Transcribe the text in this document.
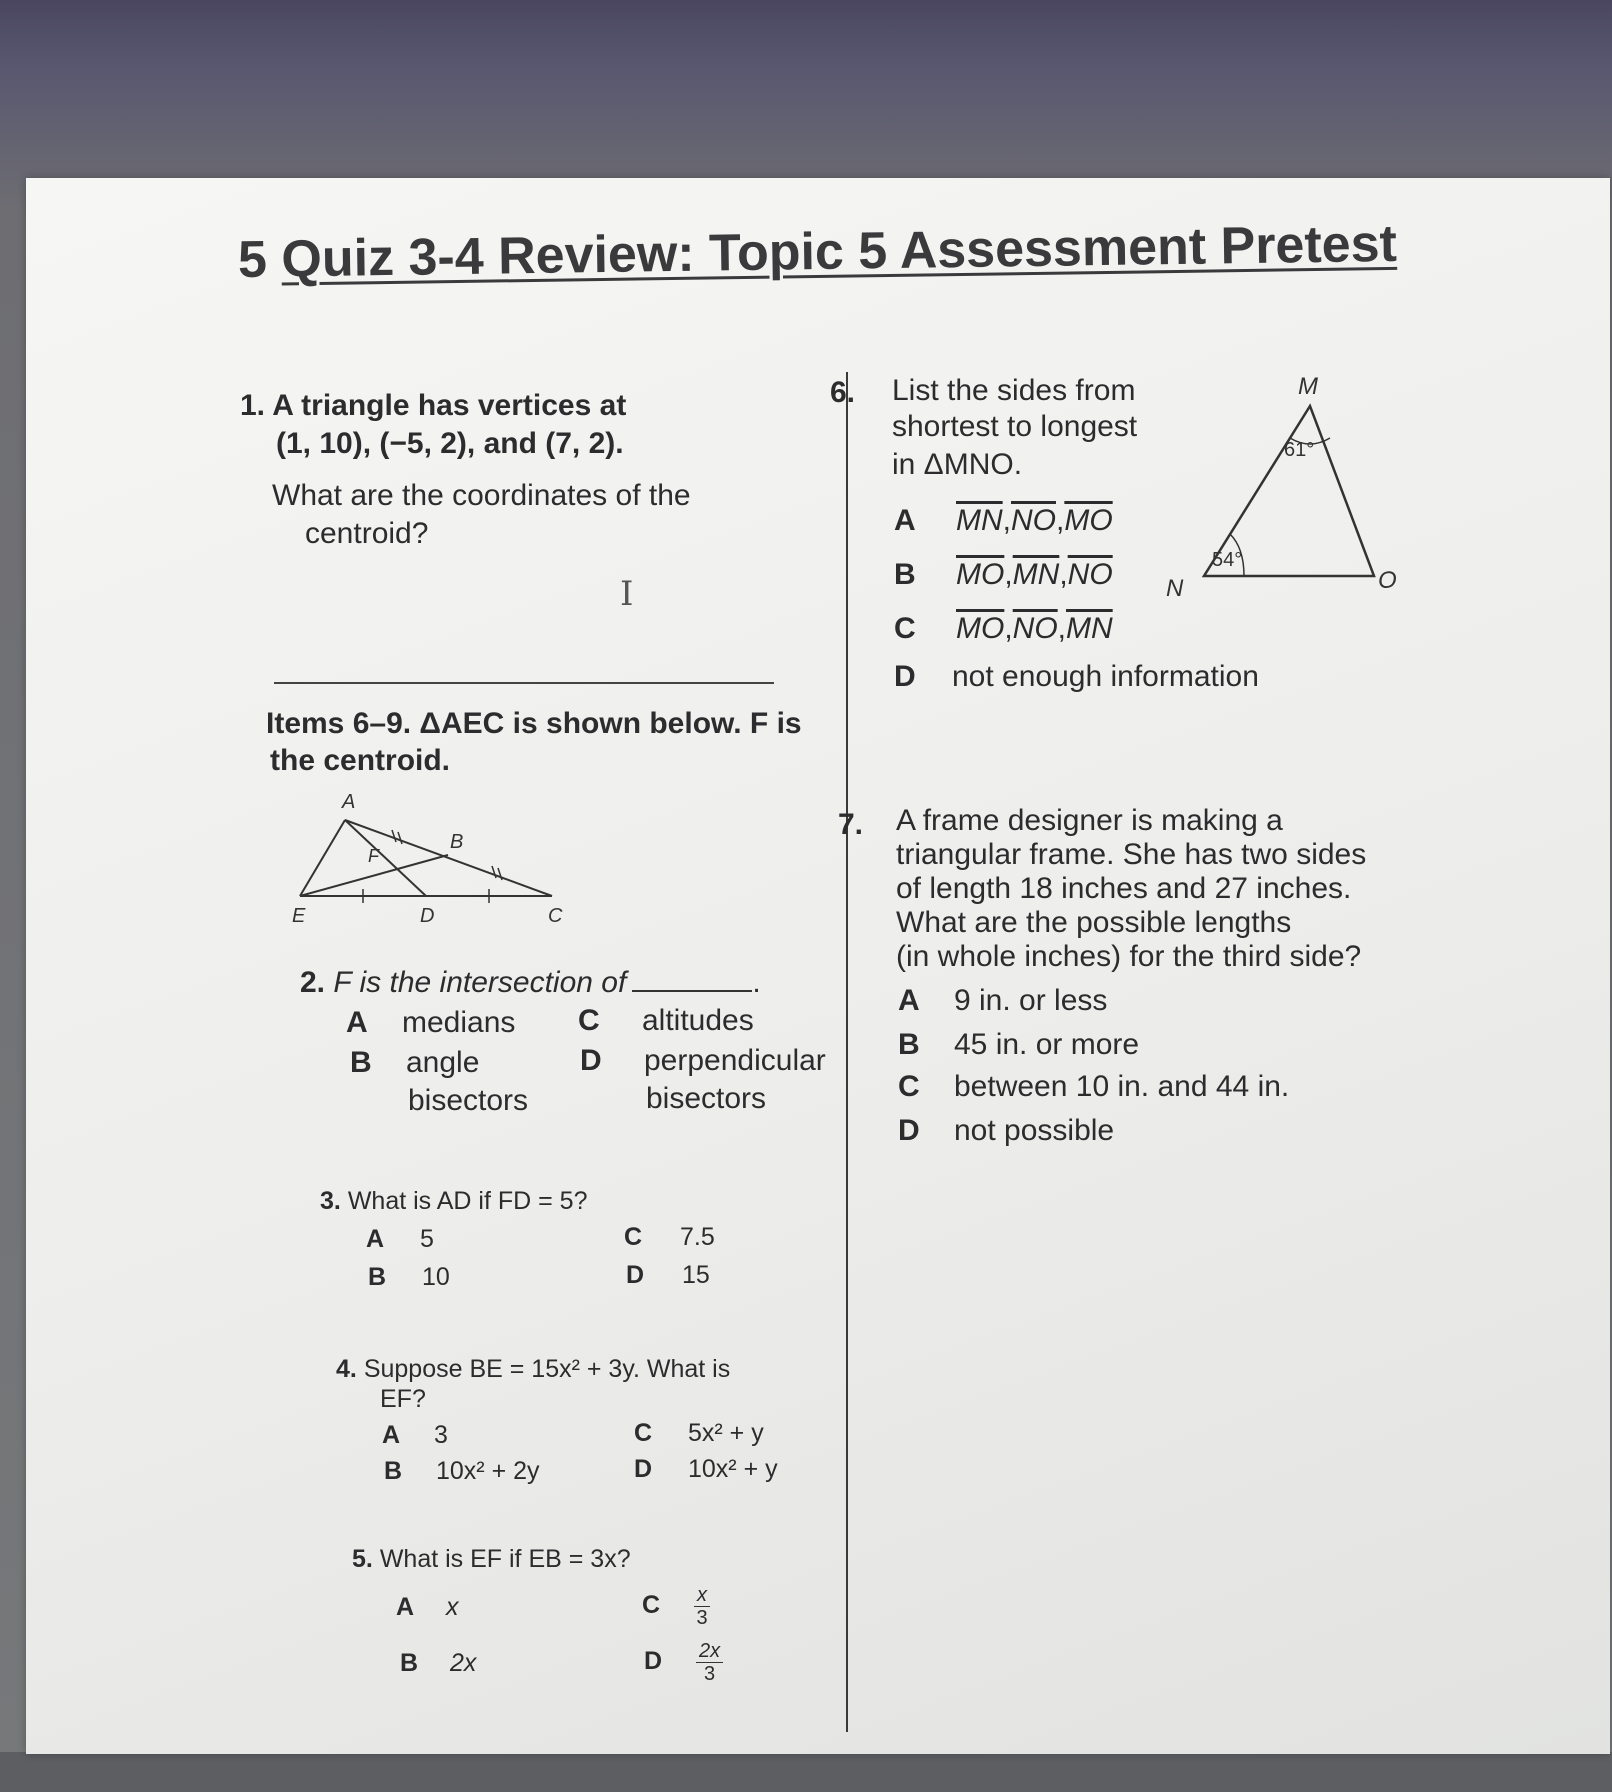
5 Quiz 3-4 Review: Topic 5 Assessment Pretest
1. A triangle has vertices at
(1, 10), (−5, 2), and (7, 2).
What are the coordinates of the
centroid?
I
Items 6–9. ΔAEC is shown below. F is
the centroid.
A
B
F
E	D	C
2. F is the intersection of	.
A medians C altitudes
B angle
bisectors
D perpendicular
bisectors
3. What is AD if FD = 5?
A 5	C 7.5
B 10	D 15
4. Suppose BE = 15x² + 3y. What is
EF?
A 3	C 5x² + y
B 10x² + 2y	D 10x² + y
5. What is EF if EB = 3x?
A x	C $\frac{x}{3}$
B 2x	D $\frac{2x}{3}$
6. List the sides from
shortest to longest
in ΔMNO.
A $\overline{MN},\overline{NO},\overline{MO}$
B $\overline{MO},\overline{MN},\overline{NO}$
C $\overline{MO},\overline{NO},\overline{MN}$
D not enough information
M
N	O
61°
54°
7. A frame designer is making a
triangular frame. She has two sides
of length 18 inches and 27 inches.
What are the possible lengths
(in whole inches) for the third side?
A 9 in. or less
B 45 in. or more
C between 10 in. and 44 in.
D not possible
